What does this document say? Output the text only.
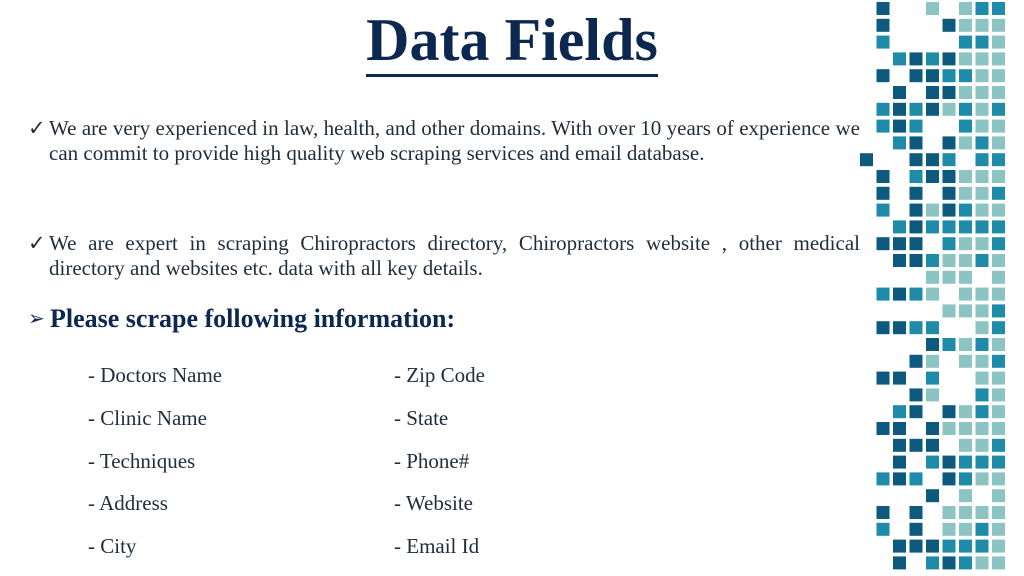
Data Fields
✓ We are very experienced in law, health, and other domains. With over 10 years of experience we can commit to provide high quality web scraping services and email database.
✓ We are expert in scraping Chiropractors directory, Chiropractors website , other medical directory and websites etc. data with all key details.
➢ Please scrape following information:
- Doctors Name
- Clinic Name
- Techniques
- Address
- City
- Zip Code
- State
- Phone#
- Website
- Email Id
